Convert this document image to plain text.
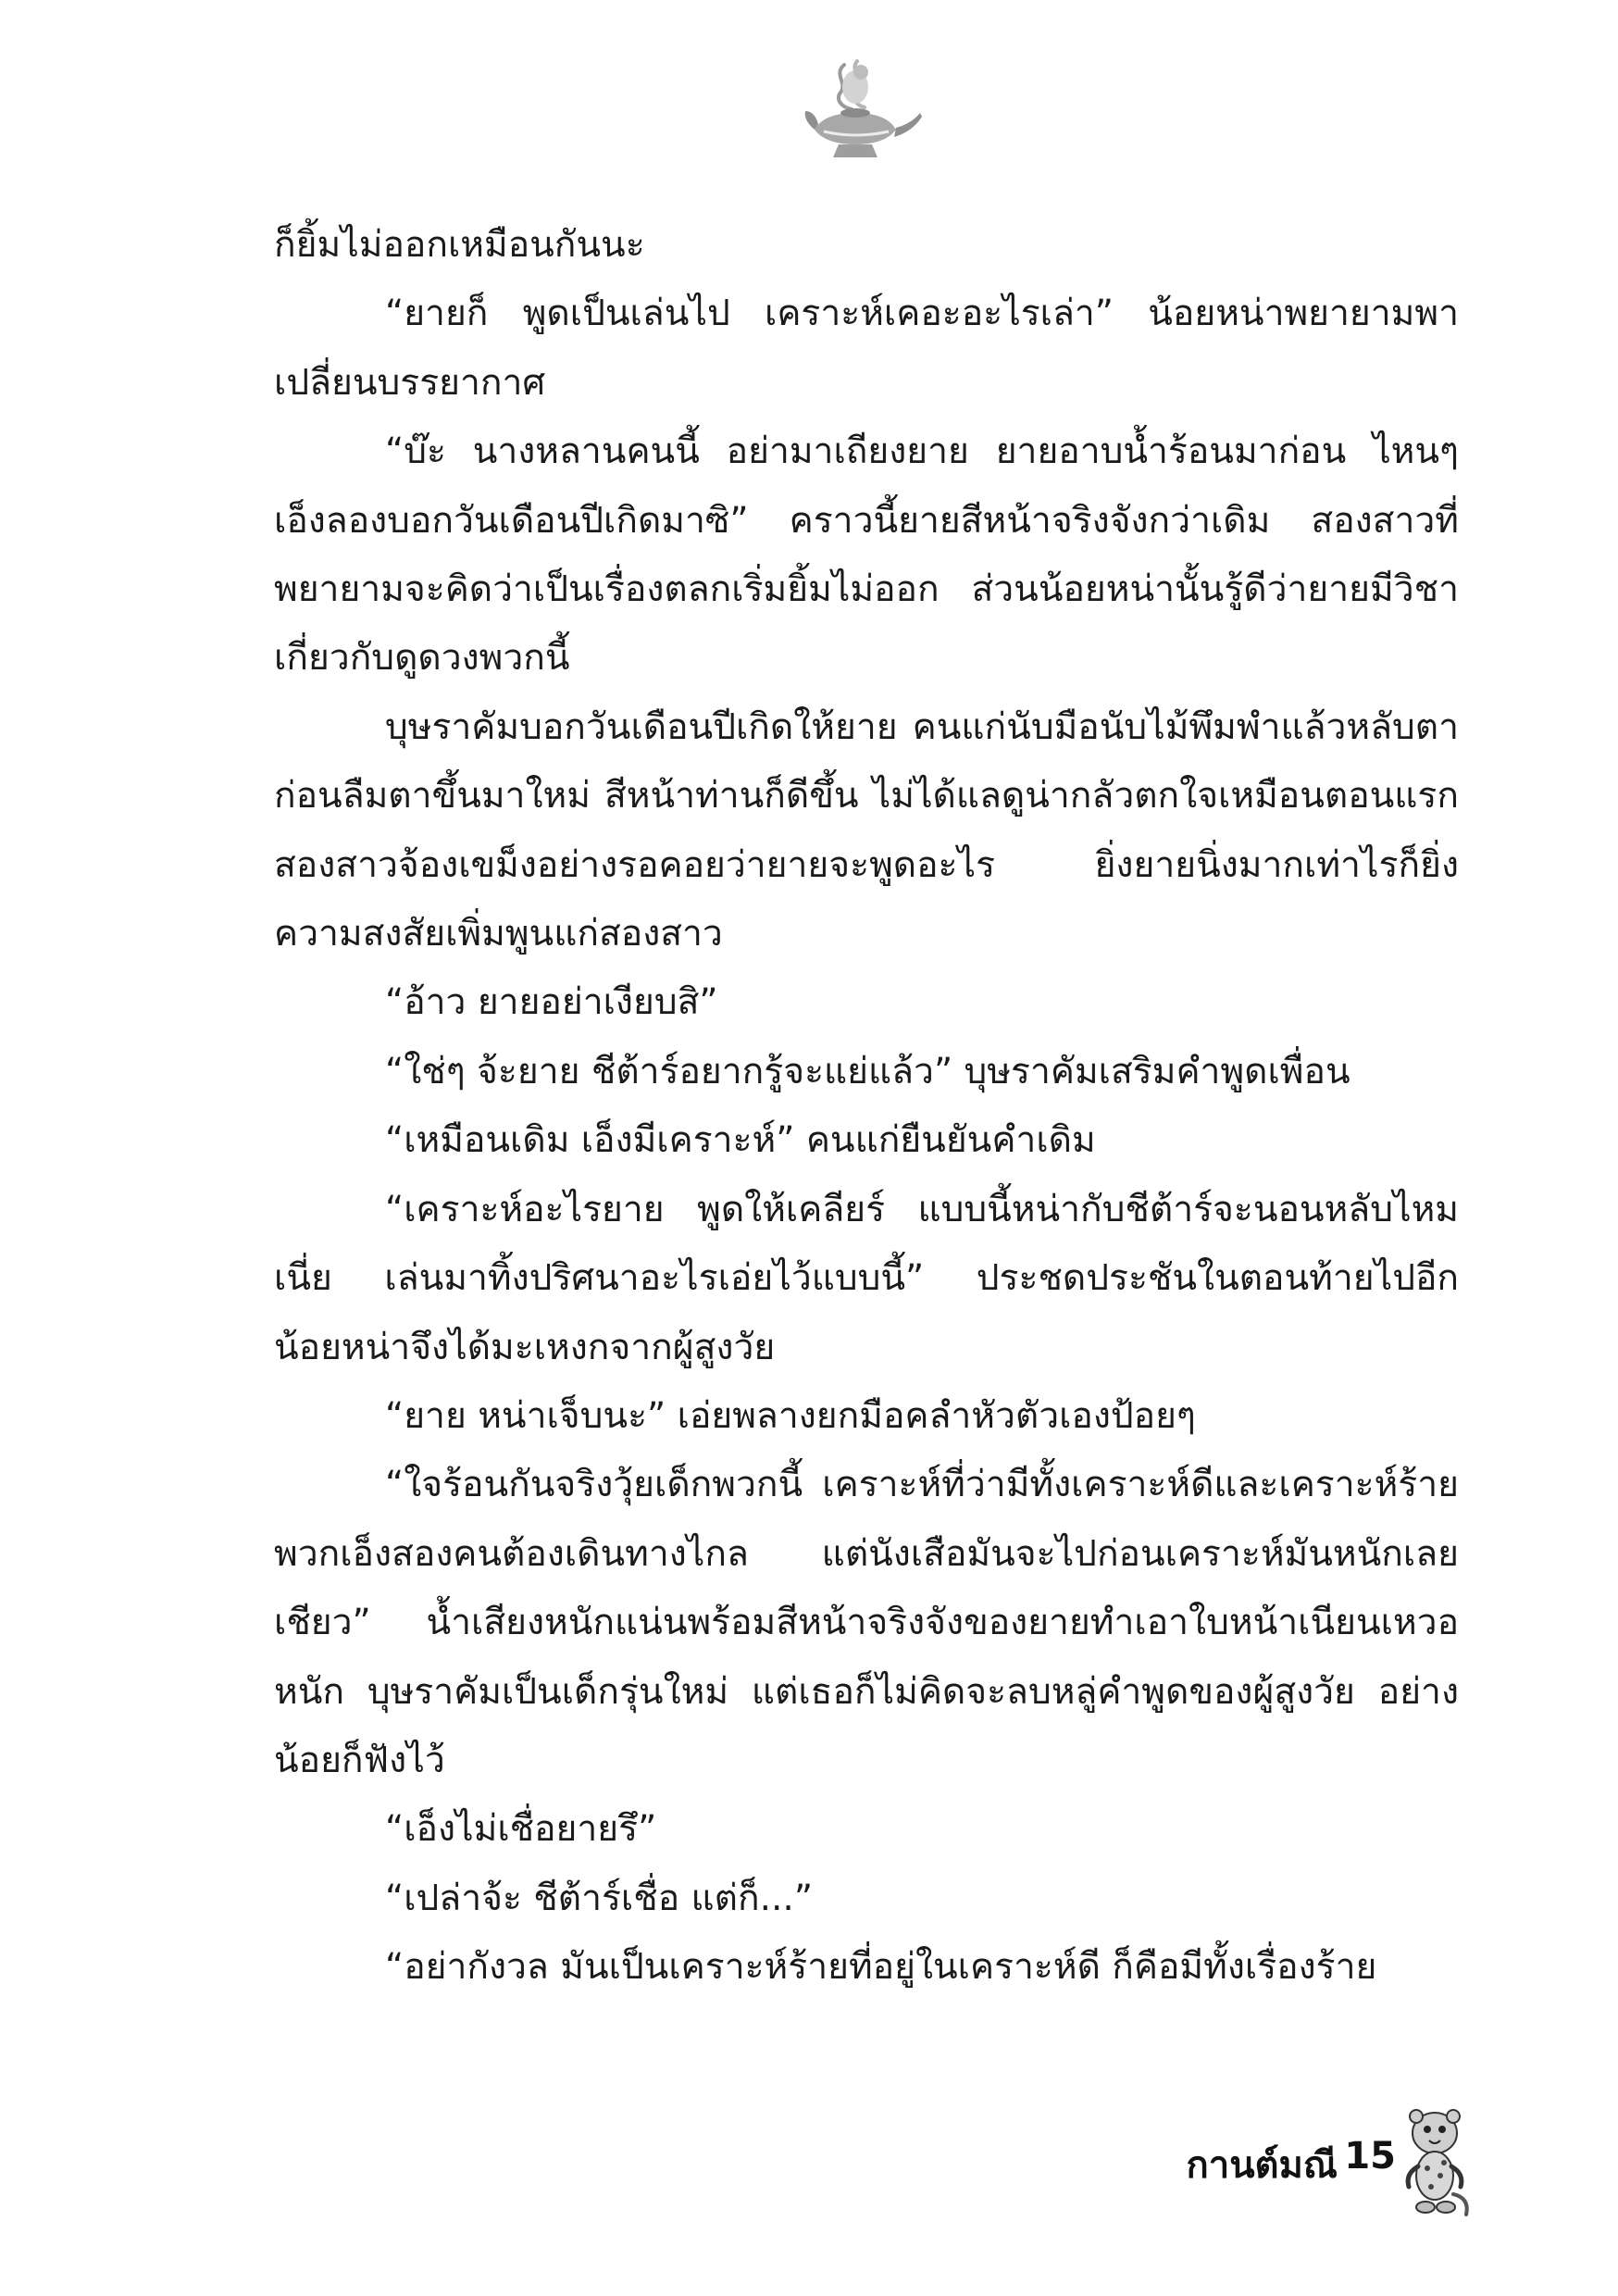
ก็ยิ้มไม่ออกเหมือนกันนะ

“ยายก็ พูดเป็นเล่นไป เคราะห์เคอะอะไรเล่า” น้อยหน่าพยายามพาเปลี่ยนบรรยากาศ

“บ๊ะ นางหลานคนนี้ อย่ามาเถียงยาย ยายอาบน้ำร้อนมาก่อน ไหนๆ เอ็งลองบอกวันเดือนปีเกิดมาซิ” คราวนี้ยายสีหน้าจริงจังกว่าเดิม สองสาวที่พยายามจะคิดว่าเป็นเรื่องตลกเริ่มยิ้มไม่ออก ส่วนน้อยหน่านั้นรู้ดีว่ายายมีวิชาเกี่ยวกับดูดวงพวกนี้

บุษราคัมบอกวันเดือนปีเกิดให้ยาย คนแก่นับมือนับไม้พึมพำแล้วหลับตา ก่อนลืมตาขึ้นมาใหม่ สีหน้าท่านก็ดีขึ้น ไม่ได้แลดูน่ากลัวตกใจเหมือนตอนแรก สองสาวจ้องเขม็งอย่างรอคอยว่ายายจะพูดอะไร ยิ่งยายนิ่งมากเท่าไรก็ยิ่งความสงสัยเพิ่มพูนแก่สองสาว

“อ้าว ยายอย่าเงียบสิ”

“ใช่ๆ จ้ะยาย ชีต้าร์อยากรู้จะแย่แล้ว” บุษราคัมเสริมคำพูดเพื่อน

“เหมือนเดิม เอ็งมีเคราะห์” คนแก่ยืนยันคำเดิม

“เคราะห์อะไรยาย พูดให้เคลียร์ แบบนี้หน่ากับชีต้าร์จะนอนหลับไหมเนี่ย เล่นมาทิ้งปริศนาอะไรเอ่ยไว้แบบนี้” ประชดประชันในตอนท้ายไปอีก น้อยหน่าจึงได้มะเหงกจากผู้สูงวัย

“ยาย หน่าเจ็บนะ” เอ่ยพลางยกมือคลำหัวตัวเองป้อยๆ

“ใจร้อนกันจริงวุ้ยเด็กพวกนี้ เคราะห์ที่ว่ามีทั้งเคราะห์ดีและเคราะห์ร้าย พวกเอ็งสองคนต้องเดินทางไกล แต่นังเสือมันจะไปก่อนเคราะห์มันหนักเลยเชียว” น้ำเสียงหนักแน่นพร้อมสีหน้าจริงจังของยายทำเอาใบหน้าเนียนเหวอหนัก บุษราคัมเป็นเด็กรุ่นใหม่ แต่เธอก็ไม่คิดจะลบหลู่คำพูดของผู้สูงวัย อย่างน้อยก็ฟังไว้

“เอ็งไม่เชื่อยายรึ”

“เปล่าจ้ะ ชีต้าร์เชื่อ แต่ก็...”

“อย่ากังวล มันเป็นเคราะห์ร้ายที่อยู่ในเคราะห์ดี ก็คือมีทั้งเรื่องร้าย

กานต์มณี 15
